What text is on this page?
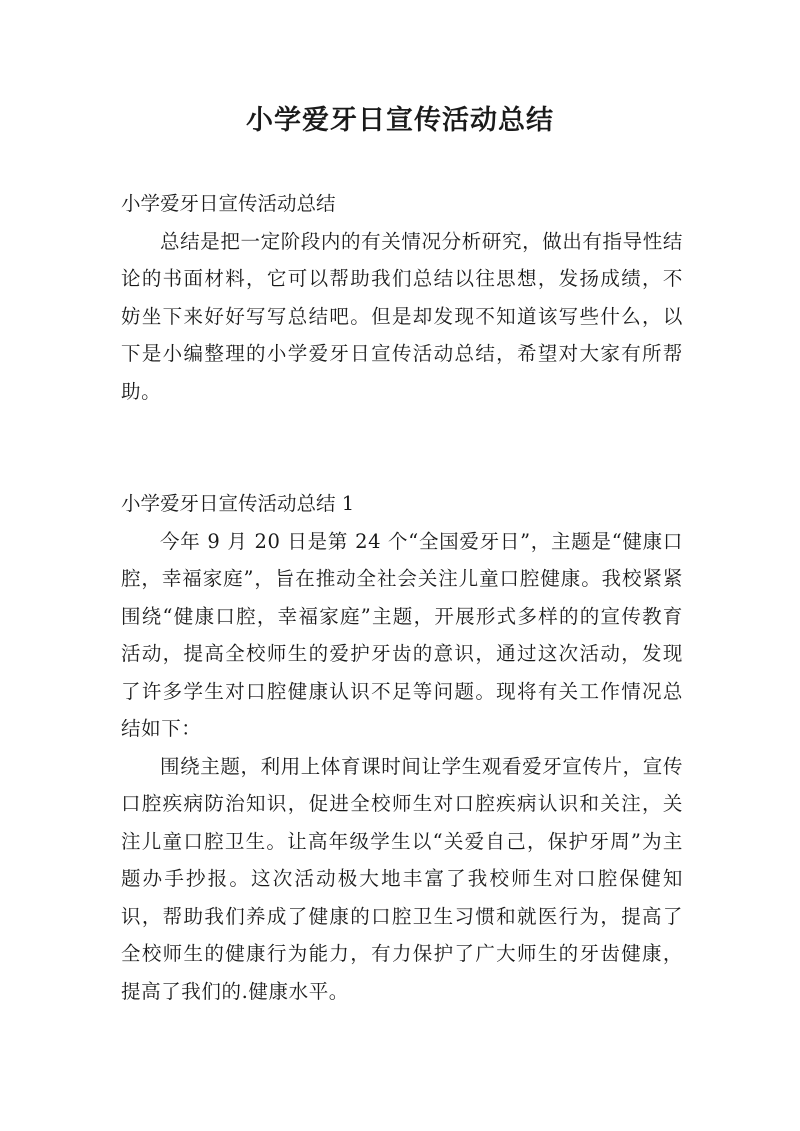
小学爱牙日宣传活动总结

小学爱牙日宣传活动总结

总结是把一定阶段内的有关情况分析研究，做出有指导性结论的书面材料，它可以帮助我们总结以往思想，发扬成绩，不妨坐下来好好写写总结吧。但是却发现不知道该写些什么，以下是小编整理的小学爱牙日宣传活动总结，希望对大家有所帮助。

小学爱牙日宣传活动总结 1

今年 9 月 20 日是第 24 个“全国爱牙日”，主题是“健康口腔，幸福家庭”，旨在推动全社会关注儿童口腔健康。我校紧紧围绕“健康口腔，幸福家庭”主题，开展形式多样的的宣传教育活动，提高全校师生的爱护牙齿的意识，通过这次活动，发现了许多学生对口腔健康认识不足等问题。现将有关工作情况总结如下：

围绕主题，利用上体育课时间让学生观看爱牙宣传片，宣传口腔疾病防治知识，促进全校师生对口腔疾病认识和关注，关注儿童口腔卫生。让高年级学生以“关爱自己，保护牙周”为主题办手抄报。这次活动极大地丰富了我校师生对口腔保健知识，帮助我们养成了健康的口腔卫生习惯和就医行为，提高了全校师生的健康行为能力，有力保护了广大师生的牙齿健康，提高了我们的.健康水平。
